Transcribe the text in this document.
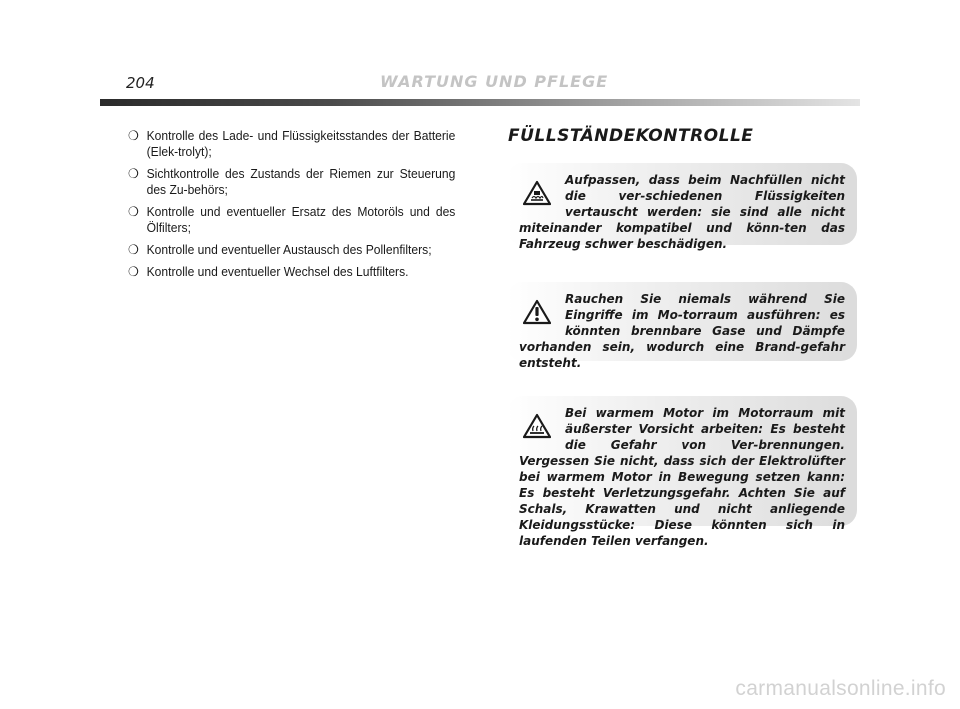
204	WARTUNG UND PFLEGE
❍ Kontrolle des Lade- und Flüssigkeitsstandes der Batterie (Elek-trolyt);
❍ Sichtkontrolle des Zustands der Riemen zur Steuerung des Zu-behörs;
❍ Kontrolle und eventueller Ersatz des Motoröls und des Ölfilters;
❍ Kontrolle und eventueller Austausch des Pollenfilters;
❍ Kontrolle und eventueller Wechsel des Luftfilters.
FÜLLSTÄNDEKONTROLLE

Aufpassen, dass beim Nachfüllen nicht die ver-schiedenen Flüssigkeiten vertauscht werden: sie sind alle nicht miteinander kompatibel und könn-ten das Fahrzeug schwer beschädigen.

Rauchen Sie niemals während Sie Eingriffe im Mo-torraum ausführen: es könnten brennbare Gase und Dämpfe vorhanden sein, wodurch eine Brand-gefahr entsteht.

Bei warmem Motor im Motorraum mit äußerster Vorsicht arbeiten: Es besteht die Gefahr von Ver-brennungen. Vergessen Sie nicht, dass sich der Elektrolüfter bei warmem Motor in Bewegung setzen kann: Es besteht Verletzungsgefahr. Achten Sie auf Schals, Krawatten und nicht anliegende Kleidungsstücke: Diese könnten sich in laufenden Teilen verfangen.

carmanualsonline.info
